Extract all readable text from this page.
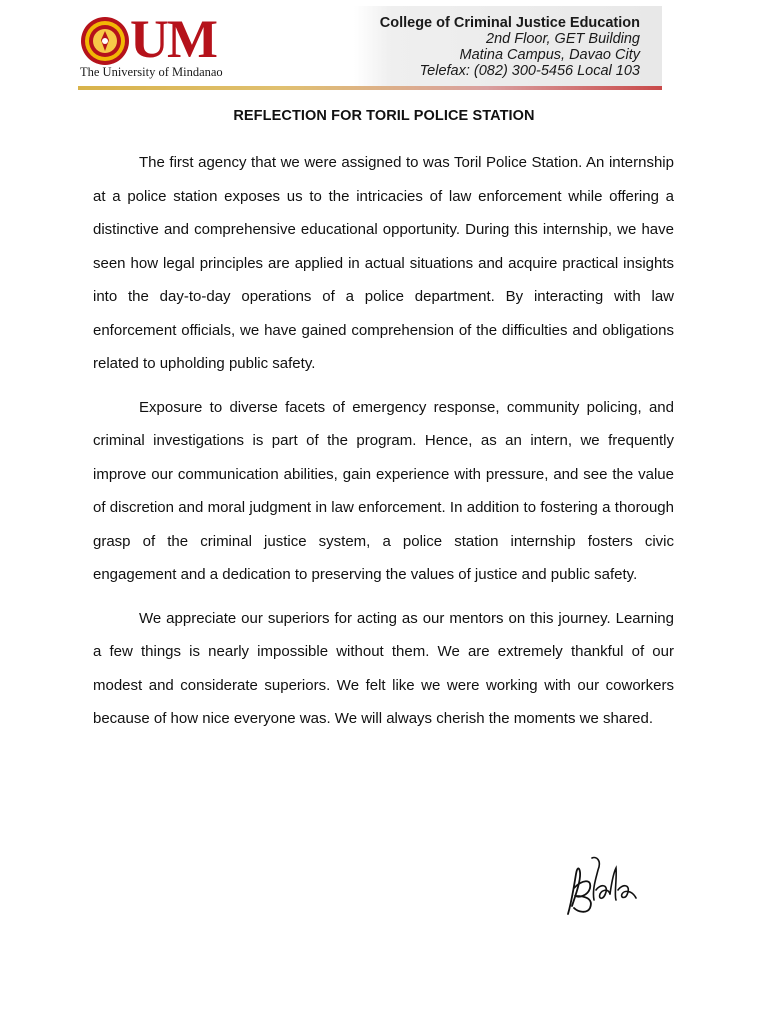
UM
The University of Mindanao
College of Criminal Justice Education
2nd Floor, GET Building
Matina Campus, Davao City
Telefax: (082) 300-5456 Local 103
REFLECTION FOR TORIL POLICE STATION

The first agency that we were assigned to was Toril Police Station. An internship at a police station exposes us to the intricacies of law enforcement while offering a distinctive and comprehensive educational opportunity. During this internship, we have seen how legal principles are applied in actual situations and acquire practical insights into the day-to-day operations of a police department. By interacting with law enforcement officials, we have gained comprehension of the difficulties and obligations related to upholding public safety.

Exposure to diverse facets of emergency response, community policing, and criminal investigations is part of the program. Hence, as an intern, we frequently improve our communication abilities, gain experience with pressure, and see the value of discretion and moral judgment in law enforcement. In addition to fostering a thorough grasp of the criminal justice system, a police station internship fosters civic engagement and a dedication to preserving the values of justice and public safety.

We appreciate our superiors for acting as our mentors on this journey. Learning a few things is nearly impossible without them. We are extremely thankful of our modest and considerate superiors. We felt like we were working with our coworkers because of how nice everyone was. We will always cherish the moments we shared.
